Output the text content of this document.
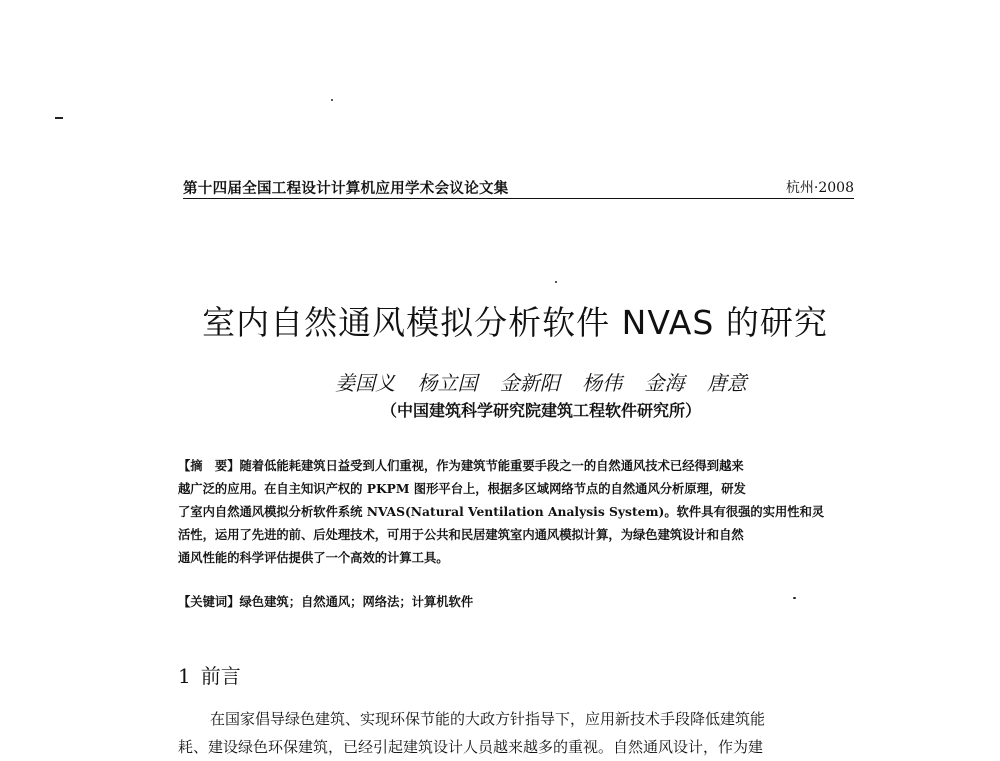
第十四届全国工程设计计算机应用学术会议论文集	杭州·2008
室内自然通风模拟分析软件 NVAS 的研究
姜国义 杨立国 金新阳 杨伟 金海 唐意
（中国建筑科学研究院建筑工程软件研究所）
【摘　要】随着低能耗建筑日益受到人们重视，作为建筑节能重要手段之一的自然通风技术已经得到越来
越广泛的应用。在自主知识产权的 PKPM 图形平台上，根据多区域网络节点的自然通风分析原理，研发
了室内自然通风模拟分析软件系统 NVAS(Natural Ventilation Analysis System)。软件具有很强的实用性和灵
活性，运用了先进的前、后处理技术，可用于公共和民居建筑室内通风模拟计算，为绿色建筑设计和自然
通风性能的科学评估提供了一个高效的计算工具。
【关键词】绿色建筑；自然通风；网络法；计算机软件
1 前言
在国家倡导绿色建筑、实现环保节能的大政方针指导下，应用新技术手段降低建筑能
耗、建设绿色环保建筑，已经引起建筑设计人员越来越多的重视。自然通风设计，作为建
